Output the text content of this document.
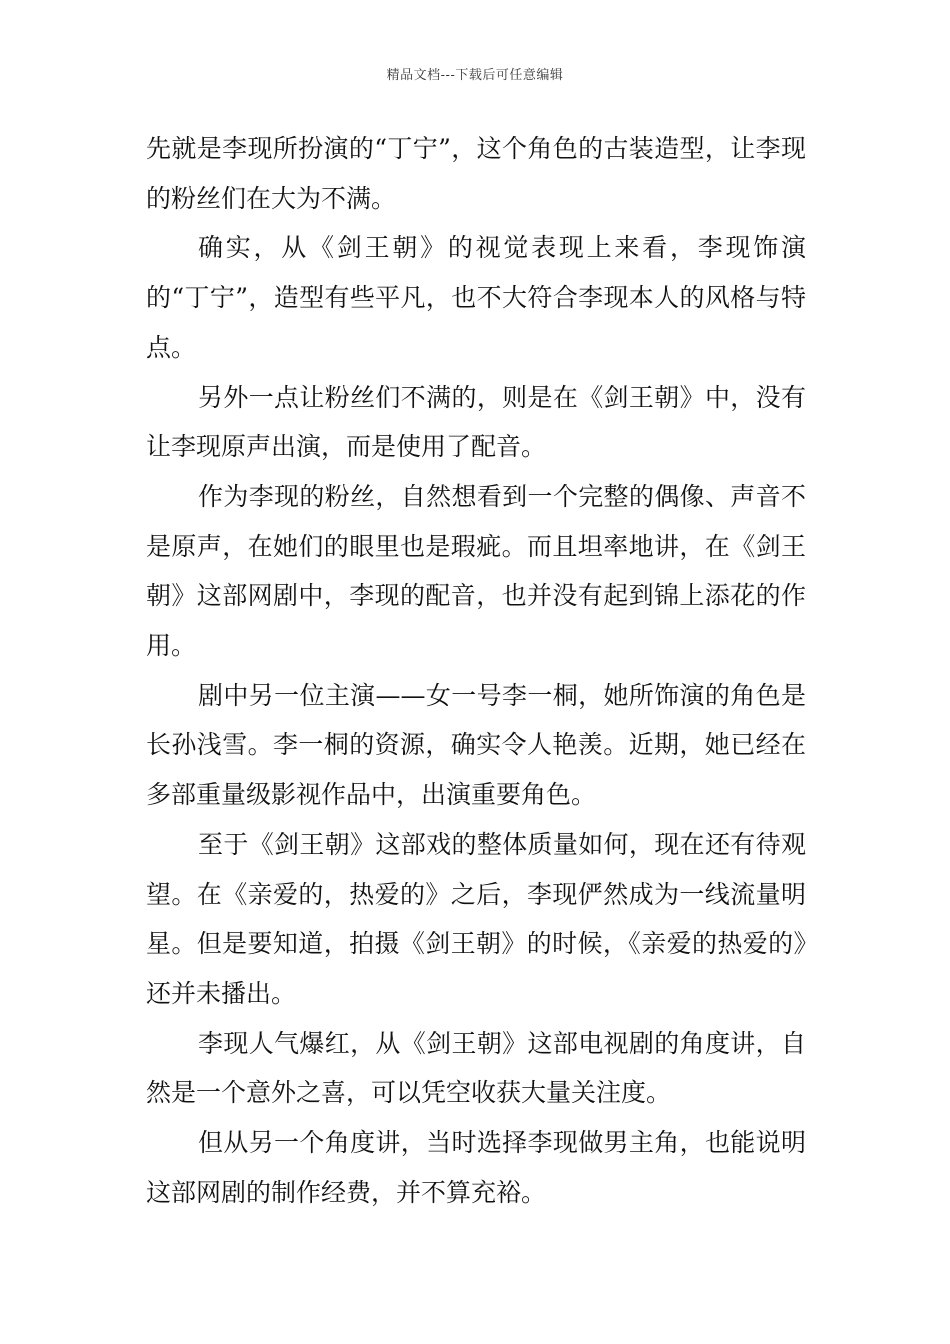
精品文档---下载后可任意编辑

先就是李现所扮演的“丁宁”，这个角色的古装造型，让李现的粉丝们在大为不满。

确实，从《剑王朝》的视觉表现上来看，李现饰演的“丁宁”，造型有些平凡，也不大符合李现本人的风格与特点。

另外一点让粉丝们不满的，则是在《剑王朝》中，没有让李现原声出演，而是使用了配音。

作为李现的粉丝，自然想看到一个完整的偶像、声音不是原声，在她们的眼里也是瑕疵。而且坦率地讲，在《剑王朝》这部网剧中，李现的配音，也并没有起到锦上添花的作用。

剧中另一位主演——女一号李一桐，她所饰演的角色是长孙浅雪。李一桐的资源，确实令人艳羡。近期，她已经在多部重量级影视作品中，出演重要角色。

至于《剑王朝》这部戏的整体质量如何，现在还有待观望。在《亲爱的，热爱的》之后，李现俨然成为一线流量明星。但是要知道，拍摄《剑王朝》的时候，《亲爱的热爱的》还并未播出。

李现人气爆红，从《剑王朝》这部电视剧的角度讲，自然是一个意外之喜，可以凭空收获大量关注度。

但从另一个角度讲，当时选择李现做男主角，也能说明这部网剧的制作经费，并不算充裕。
